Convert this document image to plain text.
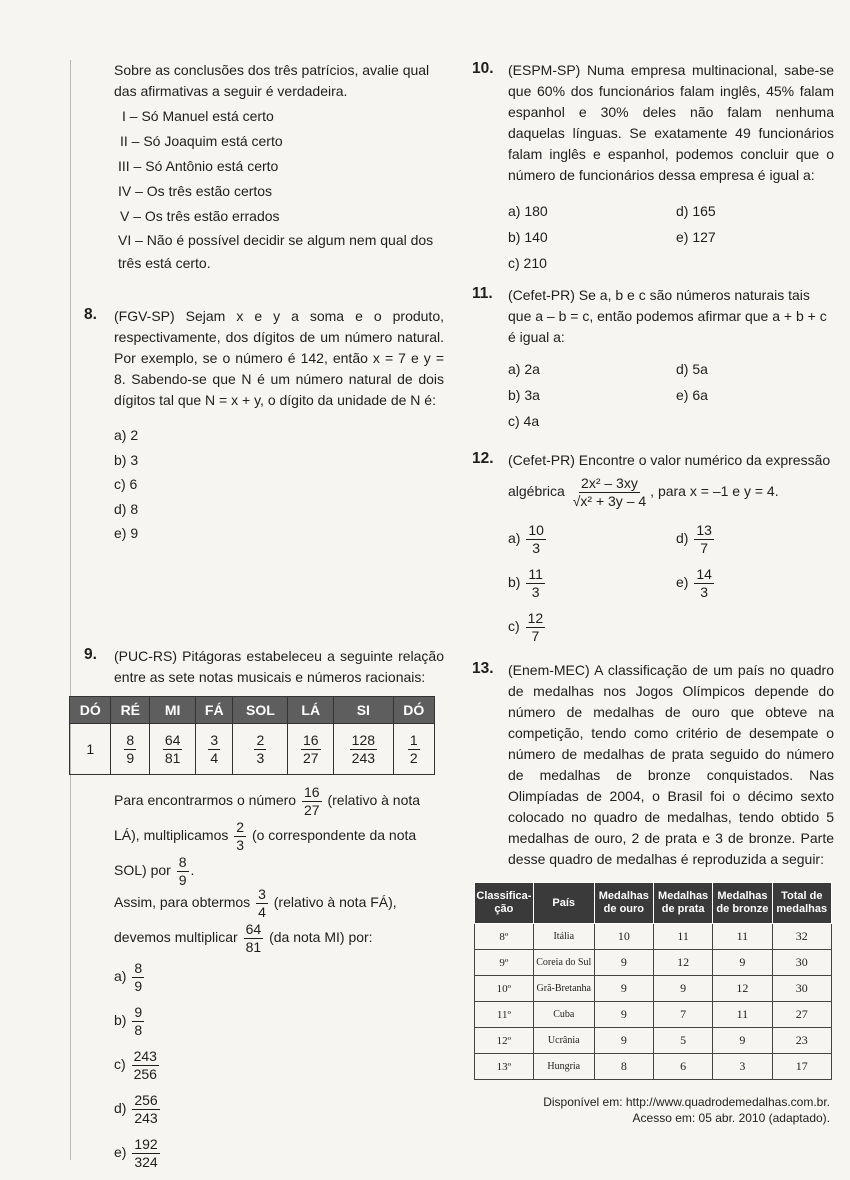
Sobre as conclusões dos três patrícios, avalie qual das afirmativas a seguir é verdadeira.

I – Só Manuel está certo
II – Só Joaquim está certo
III – Só Antônio está certo
IV – Os três estão certos
V – Os três estão errados
VI – Não é possível decidir se algum nem qual dos três está certo.
8. (FGV-SP) Sejam x e y a soma e o produto, respectivamente, dos dígitos de um número natural. Por exemplo, se o número é 142, então x = 7 e y = 8. Sabendo-se que N é um número natural de dois dígitos tal que N = x + y, o dígito da unidade de N é:
a) 2
b) 3
c) 6
d) 8
e) 9
9. (PUC-RS) Pitágoras estabeleceu a seguinte relação entre as sete notas musicais e números racionais:
DÓ	RÉ	MI	FÁ	SOL	LÁ	SI	DÓ
1	$\frac{8}{9}$	$\frac{64}{81}$	$\frac{3}{4}$	$\frac{2}{3}$	$\frac{16}{27}$	$\frac{128}{243}$	$\frac{1}{2}$
Para encontrarmos o número $\frac{16}{27}$ (relativo à nota LÁ), multiplicamos $\frac{2}{3} (o$ correspondente da nota SOL) por $\frac{8}{9}$ .
Assim, para obtermos $\frac{3}{4}$ (relativo à nota FÁ), devemos multiplicar $\frac{64}{81} (da$ nota MI) por:
$a) \frac{8}{9}$
$b) \frac{9}{8}$
$c) \frac{243}{256}$
$d) \frac{256}{243}$
$e) \frac{192}{324}$
10. (ESPM-SP) Numa empresa multinacional, sabe-se que 60% dos funcionários falam inglês, 45% falam espanhol e 30% deles não falam nenhuma daquelas línguas. Se exatamente 49 funcionários falam inglês e espanhol, podemos concluir que o número de funcionários dessa empresa é igual a:
a) 180
b) 140
c) 210
d) 165
e) 127
11. (Cefet-PR) Se a, b e c são números naturais tais que a – b = c, então podemos afirmar que a + b + c é igual a:
a) 2a
b) 3a
c) 4a
d) 5a
e) 6a
12. (Cefet-PR) Encontre o valor numérico da expressão
algébrica $\frac{\text{2x² – 3xy}}{\text{√x² + 3y – 4}}$ , para x = –1 e y = 4.
$a) \frac{10}{3}$
$b) \frac{11}{3}$
$c) \frac{12}{7}$
$d) \frac{13}{7}$
$e) \frac{14}{3}$
13. (Enem-MEC) A classificação de um país no quadro de medalhas nos Jogos Olímpicos depende do número de medalhas de ouro que obteve na competição, tendo como critério de desempate o número de medalhas de prata seguido do número de medalhas de bronze conquistados. Nas Olimpíadas de 2004, o Brasil foi o décimo sexto colocado no quadro de medalhas, tendo obtido 5 medalhas de ouro, 2 de prata e 3 de bronze. Parte desse quadro de medalhas é reproduzida a seguir:
Classifica-ção	País	Medalhas de ouro	Medalhas de prata	Medalhas de bronze	Total de medalhas
8º	Itália	10	11	11	32
9º	Coreia do Sul	9	12	9	30
10º	Grã-Bretanha	9	9	12	30
11º	Cuba	9	7	11	27
12º	Ucrânia	9	5	9	23
13º	Hungria	8	6	3	17
Disponível em: http://www.quadrodemedalhas.com.br.
Acesso em: 05 abr. 2010 (adaptado).
